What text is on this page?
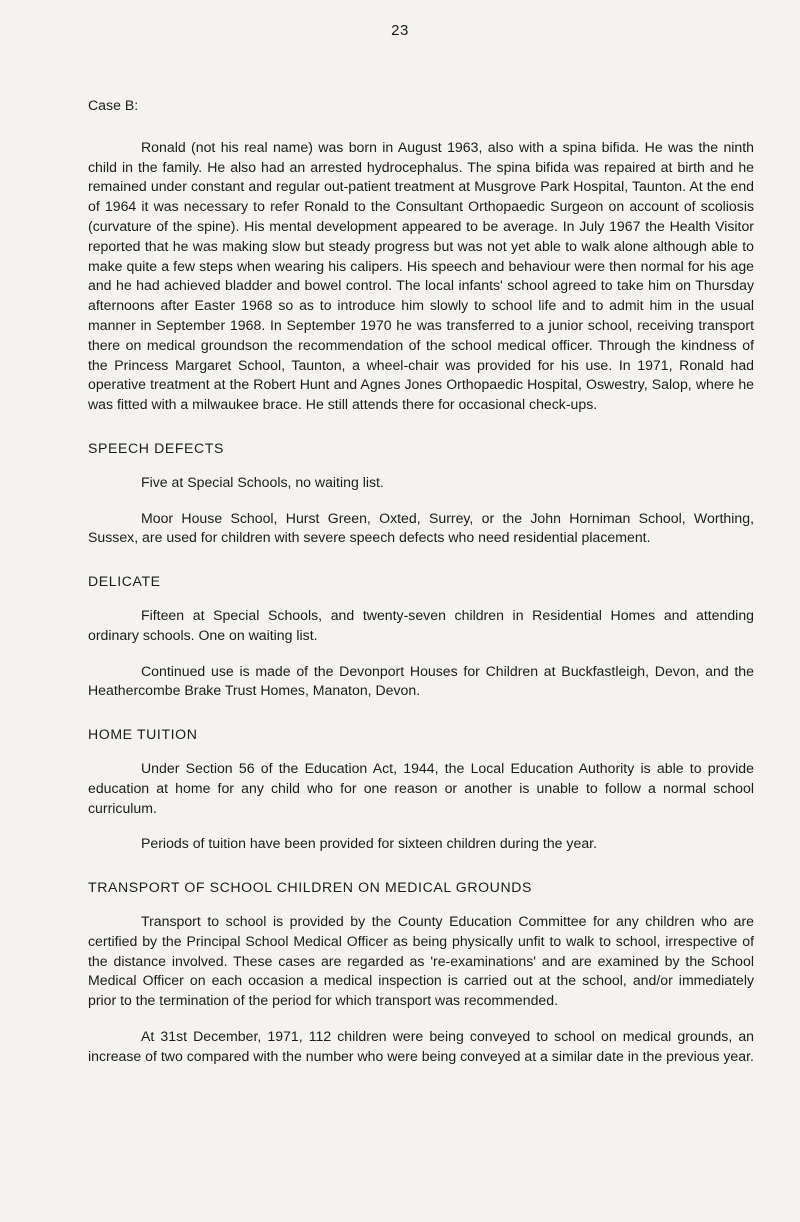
23
Case B:

Ronald (not his real name) was born in August 1963, also with a spina bifida. He was the ninth child in the family. He also had an arrested hydrocephalus. The spina bifida was repaired at birth and he remained under constant and regular out-patient treatment at Musgrove Park Hospital, Taunton. At the end of 1964 it was necessary to refer Ronald to the Consultant Orthopaedic Surgeon on account of scoliosis (curvature of the spine). His mental development appeared to be average. In July 1967 the Health Visitor reported that he was making slow but steady progress but was not yet able to walk alone although able to make quite a few steps when wearing his calipers. His speech and behaviour were then normal for his age and he had achieved bladder and bowel control. The local infants' school agreed to take him on Thursday afternoons after Easter 1968 so as to introduce him slowly to school life and to admit him in the usual manner in September 1968. In September 1970 he was transferred to a junior school, receiving transport there on medical groundson the recommendation of the school medical officer. Through the kindness of the Princess Margaret School, Taunton, a wheel-chair was provided for his use. In 1971, Ronald had operative treatment at the Robert Hunt and Agnes Jones Orthopaedic Hospital, Oswestry, Salop, where he was fitted with a milwaukee brace. He still attends there for occasional check-ups.

SPEECH DEFECTS

Five at Special Schools, no waiting list.

Moor House School, Hurst Green, Oxted, Surrey, or the John Horniman School, Worthing, Sussex, are used for children with severe speech defects who need residential placement.

DELICATE

Fifteen at Special Schools, and twenty-seven children in Residential Homes and attending ordinary schools. One on waiting list.

Continued use is made of the Devonport Houses for Children at Buckfastleigh, Devon, and the Heathercombe Brake Trust Homes, Manaton, Devon.

HOME TUITION

Under Section 56 of the Education Act, 1944, the Local Education Authority is able to provide education at home for any child who for one reason or another is unable to follow a normal school curriculum.

Periods of tuition have been provided for sixteen children during the year.

TRANSPORT OF SCHOOL CHILDREN ON MEDICAL GROUNDS

Transport to school is provided by the County Education Committee for any children who are certified by the Principal School Medical Officer as being physically unfit to walk to school, irrespective of the distance involved. These cases are regarded as 're-examinations' and are examined by the School Medical Officer on each occasion a medical inspection is carried out at the school, and/or immediately prior to the termination of the period for which transport was recommended.

At 31st December, 1971, 112 children were being conveyed to school on medical grounds, an increase of two compared with the number who were being conveyed at a similar date in the previous year.
